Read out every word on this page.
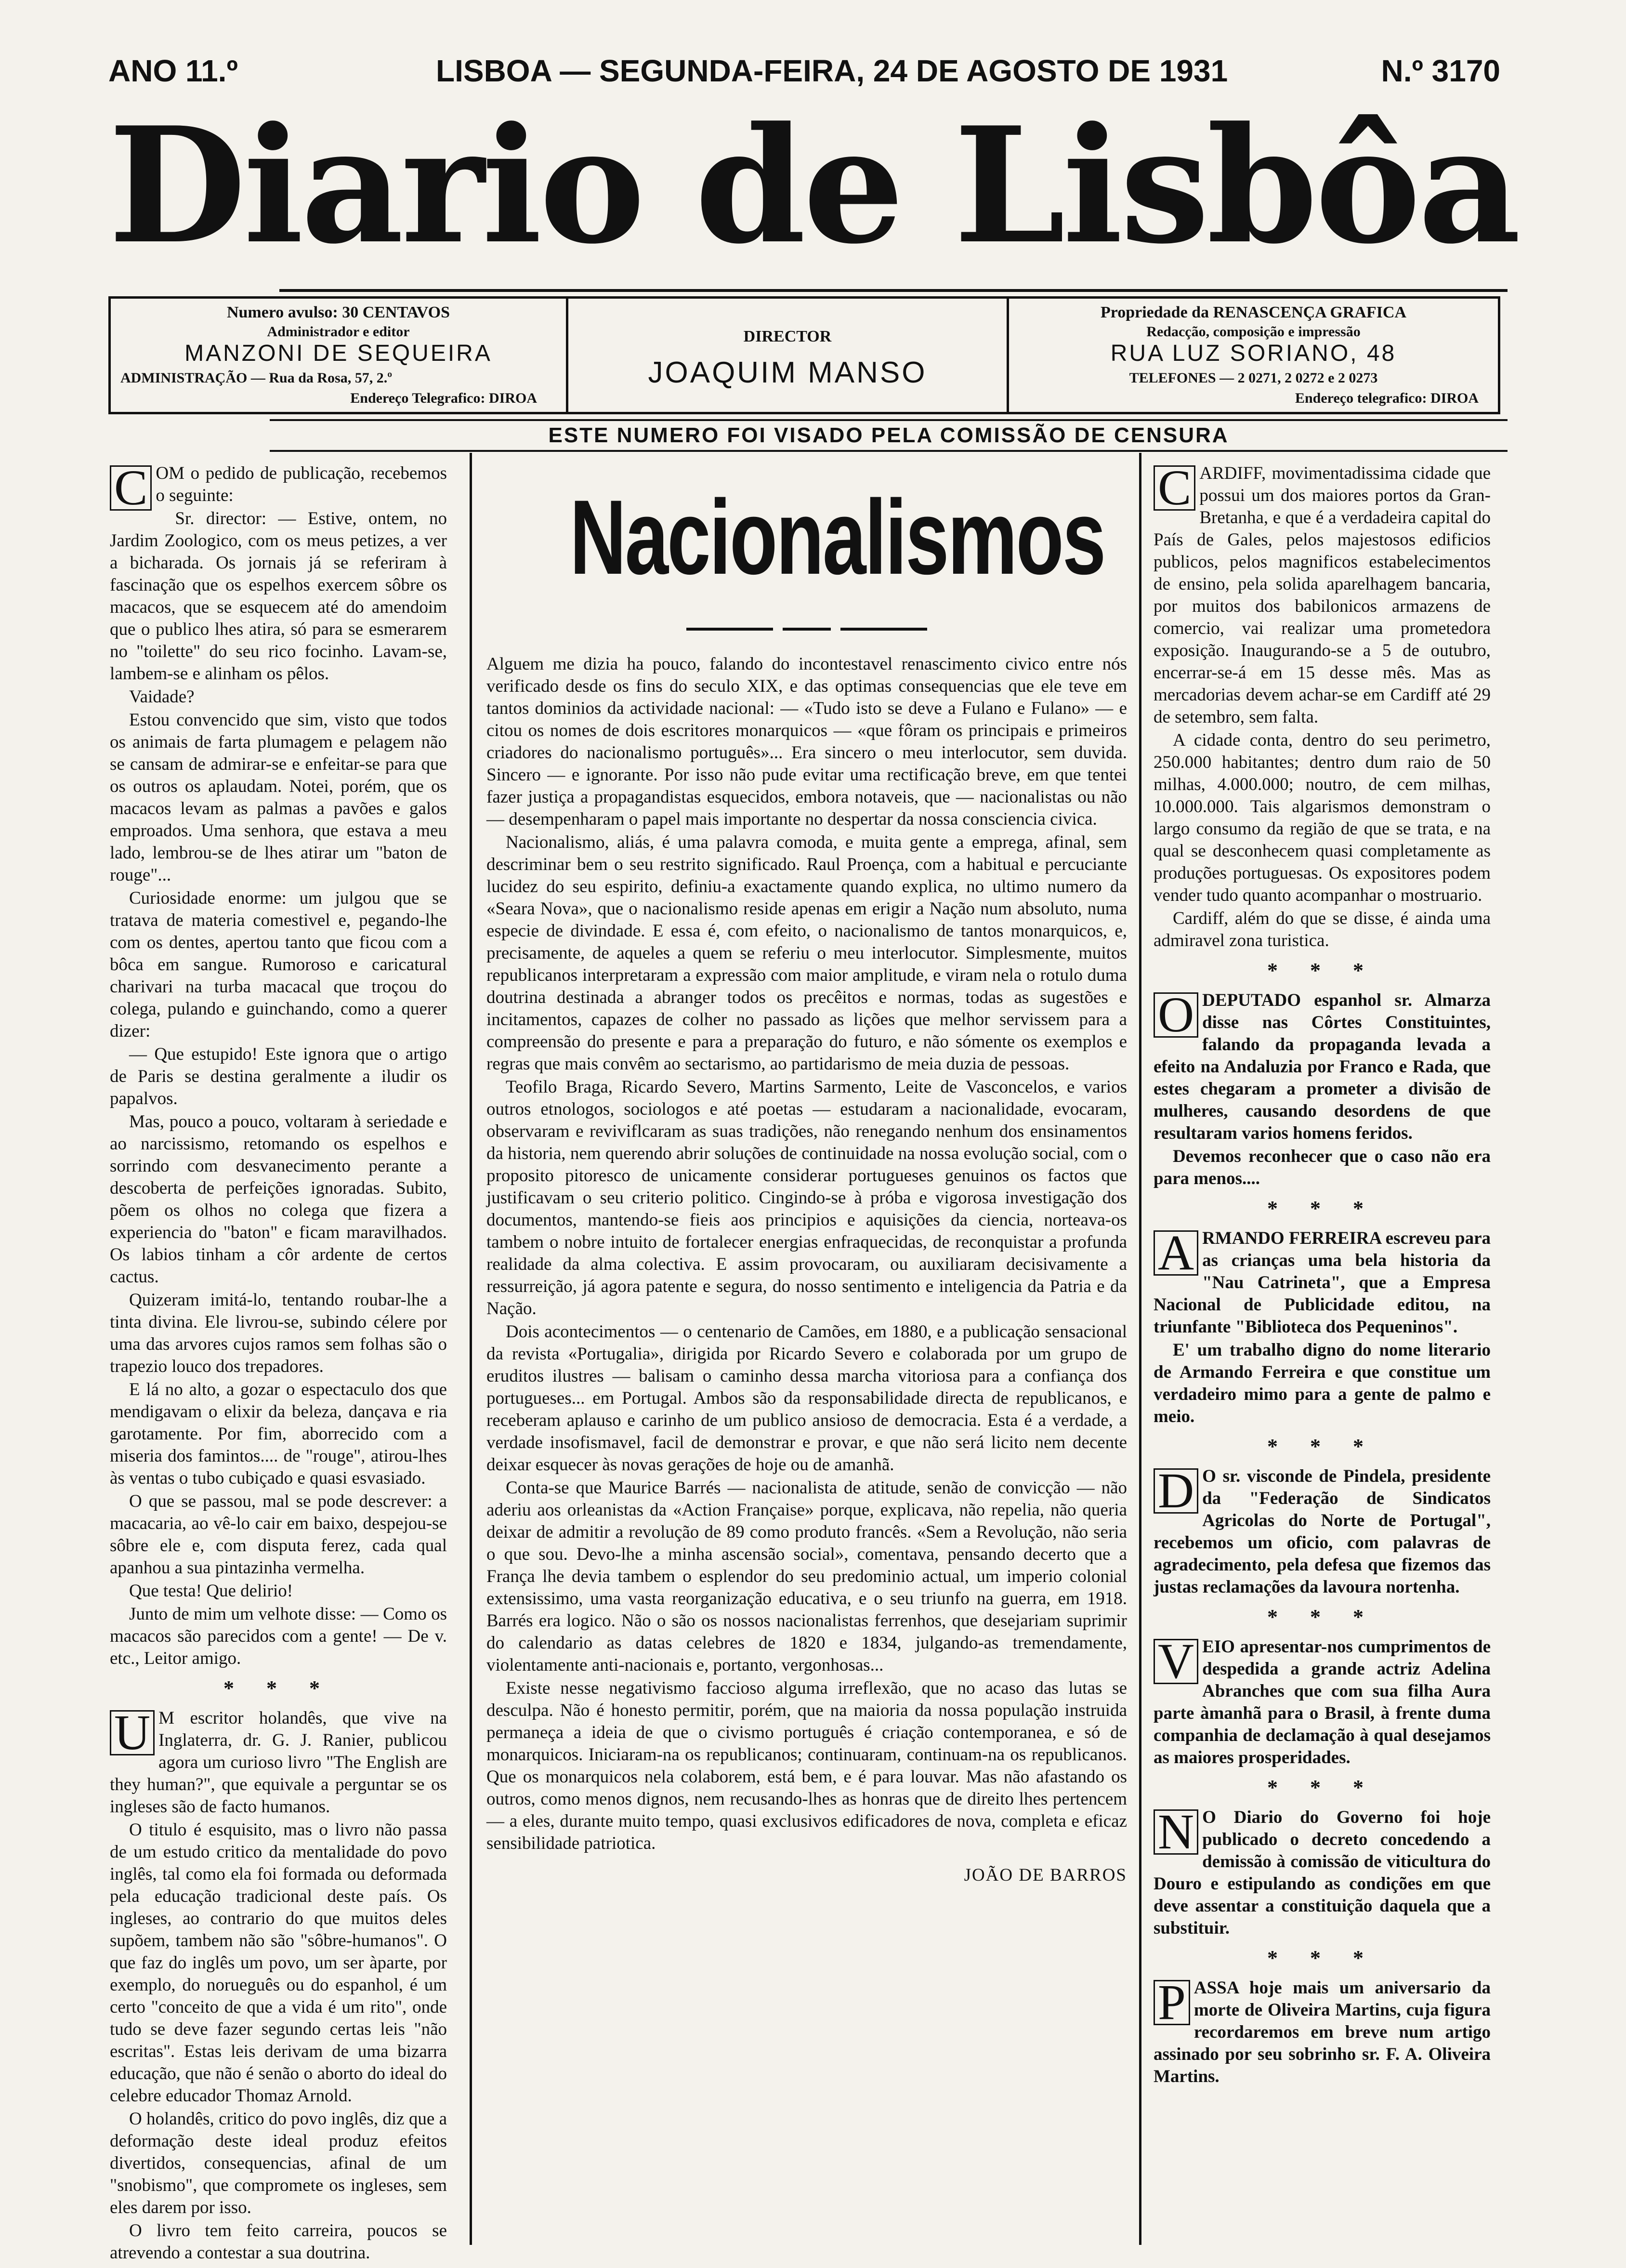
ANO 11.º	LISBOA — SEGUNDA-FEIRA, 24 DE AGOSTO DE 1931	N.º 3170
Diario de Lisbôa
Numero avulso: 30 CENTAVOS
Administrador e editor
MANZONI DE SEQUEIRA
ADMINISTRAÇÃO — Rua da Rosa, 57, 2.º
Endereço Telegrafico: DIROA
DIRECTOR
JOAQUIM MANSO
Propriedade da RENASCENÇA GRAFICA
Redacção, composição e impressão
RUA LUZ SORIANO, 48
TELEFONES — 2 0271, 2 0272 e 2 0273
Endereço telegrafico: DIROA
ESTE NUMERO FOI VISADO PELA COMISSÃO DE CENSURA
C OM o pedido de publicação, recebemos o seguinte:

Sr. director: — Estive, ontem, no Jardim Zoologico, com os meus petizes, a ver a bicharada. Os jornais já se referiram à fascinação que os espelhos exercem sôbre os macacos, que se esquecem até do amendoim que o publico lhes atira, só para se esmerarem no "toilette" do seu rico focinho. Lavam-se, lambem-se e alinham os pêlos.

Vaidade?

Estou convencido que sim, visto que todos os animais de farta plumagem e pelagem não se cansam de admirar-se e enfeitar-se para que os outros os aplaudam. Notei, porém, que os macacos levam as palmas a pavões e galos emproados. Uma senhora, que estava a meu lado, lembrou-se de lhes atirar um "baton de rouge"...

Curiosidade enorme: um julgou que se tratava de materia comestivel e, pegando-lhe com os dentes, apertou tanto que ficou com a bôca em sangue. Rumoroso e caricatural charivari na turba macacal que troçou do colega, pulando e guinchando, como a querer dizer:

— Que estupido! Este ignora que o artigo de Paris se destina geralmente a iludir os papalvos.

Mas, pouco a pouco, voltaram à seriedade e ao narcissismo, retomando os espelhos e sorrindo com desvanecimento perante a descoberta de perfeições ignoradas. Subito, põem os olhos no colega que fizera a experiencia do "baton" e ficam maravilhados. Os labios tinham a côr ardente de certos cactus.

Quizeram imitá-lo, tentando roubar-lhe a tinta divina. Ele livrou-se, subindo célere por uma das arvores cujos ramos sem folhas são o trapezio louco dos trepadores.

E lá no alto, a gozar o espectaculo dos que mendigavam o elixir da beleza, dançava e ria garotamente. Por fim, aborrecido com a miseria dos famintos.... de "rouge", atirou-lhes às ventas o tubo cubiçado e quasi esvasiado.

O que se passou, mal se pode descrever: a macacaria, ao vê-lo cair em baixo, despejou-se sôbre ele e, com disputa ferez, cada qual apanhou a sua pintazinha vermelha.

Que testa! Que delirio!

Junto de mim um velhote disse: — Como os macacos são parecidos com a gente! — De v. etc., Leitor amigo.

* * *
U M escritor holandês, que vive na Inglaterra, dr. G. J. Ranier, publicou agora um curioso livro "The English are they human?", que equivale a perguntar se os ingleses são de facto humanos.

O titulo é esquisito, mas o livro não passa de um estudo critico da mentalidade do povo inglês, tal como ela foi formada ou deformada pela educação tradicional deste país. Os ingleses, ao contrario do que muitos deles supõem, tambem não são "sôbre-humanos". O que faz do inglês um povo, um ser àparte, por exemplo, do norueguês ou do espanhol, é um certo "conceito de que a vida é um rito", onde tudo se deve fazer segundo certas leis "não escritas". Estas leis derivam de uma bizarra educação, que não é senão o aborto do ideal do celebre educador Thomaz Arnold.

O holandês, critico do povo inglês, diz que a deformação deste ideal produz efeitos divertidos, consequencias, afinal de um "snobismo", que compromete os ingleses, sem eles darem por isso.

O livro tem feito carreira, poucos se atrevendo a contestar a sua doutrina.

Nacionalismos

Alguem me dizia ha pouco, falando do incontestavel renascimento civico entre nós verificado desde os fins do seculo XIX, e das optimas consequencias que ele teve em tantos dominios da actividade nacional: — «Tudo isto se deve a Fulano e Fulano» — e citou os nomes de dois escritores monarquicos — «que fôram os principais e primeiros criadores do nacionalismo português»... Era sincero o meu interlocutor, sem duvida. Sincero — e ignorante. Por isso não pude evitar uma rectificação breve, em que tentei fazer justiça a propagandistas esquecidos, embora notaveis, que — nacionalistas ou não — desempenharam o papel mais importante no despertar da nossa consciencia civica.

Nacionalismo, aliás, é uma palavra comoda, e muita gente a emprega, afinal, sem descriminar bem o seu restrito significado. Raul Proença, com a habitual e percuciante lucidez do seu espirito, definiu-a exactamente quando explica, no ultimo numero da «Seara Nova», que o nacionalismo reside apenas em erigir a Nação num absoluto, numa especie de divindade. E essa é, com efeito, o nacionalismo de tantos monarquicos, e, precisamente, de aqueles a quem se referiu o meu interlocutor. Simplesmente, muitos republicanos interpretaram a expressão com maior amplitude, e viram nela o rotulo duma doutrina destinada a abranger todos os precêitos e normas, todas as sugestões e incitamentos, capazes de colher no passado as lições que melhor servissem para a compreensão do presente e para a preparação do futuro, e não sómente os exemplos e regras que mais convêm ao sectarismo, ao partidarismo de meia duzia de pessoas.

Teofilo Braga, Ricardo Severo, Martins Sarmento, Leite de Vasconcelos, e varios outros etnologos, sociologos e até poetas — estudaram a nacionalidade, evocaram, observaram e reviviflcaram as suas tradições, não renegando nenhum dos ensinamentos da historia, nem querendo abrir soluções de continuidade na nossa evolução social, com o proposito pitoresco de unicamente considerar portugueses genuinos os factos que justificavam o seu criterio politico. Cingindo-se à próba e vigorosa investigação dos documentos, mantendo-se fieis aos principios e aquisições da ciencia, norteava-os tambem o nobre intuito de fortalecer energias enfraquecidas, de reconquistar a profunda realidade da alma colectiva. E assim provocaram, ou auxiliaram decisivamente a ressurreição, já agora patente e segura, do nosso sentimento e inteligencia da Patria e da Nação.

Dois acontecimentos — o centenario de Camões, em 1880, e a publicação sensacional da revista «Portugalia», dirigida por Ricardo Severo e colaborada por um grupo de eruditos ilustres — balisam o caminho dessa marcha vitoriosa para a confiança dos portugueses... em Portugal. Ambos são da responsabilidade directa de republicanos, e receberam aplauso e carinho de um publico ansioso de democracia. Esta é a verdade, a verdade insofismavel, facil de demonstrar e provar, e que não será licito nem decente deixar esquecer às novas gerações de hoje ou de amanhã.

Conta-se que Maurice Barrés — nacionalista de atitude, senão de convicção — não aderiu aos orleanistas da «Action Française» porque, explicava, não repelia, não queria deixar de admitir a revolução de 89 como produto francês. «Sem a Revolução, não seria o que sou. Devo-lhe a minha ascensão social», comentava, pensando decerto que a França lhe devia tambem o esplendor do seu predominio actual, um imperio colonial extensissimo, uma vasta reorganização educativa, e o seu triunfo na guerra, em 1918. Barrés era logico. Não o são os nossos nacionalistas ferrenhos, que desejariam suprimir do calendario as datas celebres de 1820 e 1834, julgando-as tremendamente, violentamente anti-nacionais e, portanto, vergonhosas...

Existe nesse negativismo faccioso alguma irreflexão, que no acaso das lutas se desculpa. Não é honesto permitir, porém, que na maioria da nossa população instruida permaneça a ideia de que o civismo português é criação contemporanea, e só de monarquicos. Iniciaram-na os republicanos; continuaram, continuam-na os republicanos. Que os monarquicos nela colaborem, está bem, e é para louvar. Mas não afastando os outros, como menos dignos, nem recusando-lhes as honras que de direito lhes pertencem — a eles, durante muito tempo, quasi exclusivos edificadores de nova, completa e eficaz sensibilidade patriotica.

JOÃO DE BARROS
C ARDIFF, movimentadissima cidade que possui um dos maiores portos da Gran-Bretanha, e que é a verdadeira capital do País de Gales, pelos majestosos edificios publicos, pelos magnificos estabelecimentos de ensino, pela solida aparelhagem bancaria, por muitos dos babilonicos armazens de comercio, vai realizar uma prometedora exposição. Inaugurando-se a 5 de outubro, encerrar-se-á em 15 desse mês. Mas as mercadorias devem achar-se em Cardiff até 29 de setembro, sem falta.

A cidade conta, dentro do seu perimetro, 250.000 habitantes; dentro dum raio de 50 milhas, 4.000.000; noutro, de cem milhas, 10.000.000. Tais algarismos demonstram o largo consumo da região de que se trata, e na qual se desconhecem quasi completamente as produções portuguesas. Os expositores podem vender tudo quanto acompanhar o mostruario.

Cardiff, além do que se disse, é ainda uma admiravel zona turistica.

* * *
O DEPUTADO espanhol sr. Almarza disse nas Côrtes Constituintes, falando da propaganda levada a efeito na Andaluzia por Franco e Rada, que estes chegaram a prometer a divisão de mulheres, causando desordens de que resultaram varios homens feridos.

Devemos reconhecer que o caso não era para menos....

* * *
A RMANDO FERREIRA escreveu para as crianças uma bela historia da "Nau Catrineta", que a Empresa Nacional de Publicidade editou, na triunfante "Biblioteca dos Pequeninos".

E' um trabalho digno do nome literario de Armando Ferreira e que constitue um verdadeiro mimo para a gente de palmo e meio.

* * *
D O sr. visconde de Pindela, presidente da "Federação de Sindicatos Agricolas do Norte de Portugal", recebemos um oficio, com palavras de agradecimento, pela defesa que fizemos das justas reclamações da lavoura nortenha.

* * *
V EIO apresentar-nos cumprimentos de despedida a grande actriz Adelina Abranches que com sua filha Aura parte àmanhã para o Brasil, à frente duma companhia de declamação à qual desejamos as maiores prosperidades.

* * *
N O Diario do Governo foi hoje publicado o decreto concedendo a demissão à comissão de viticultura do Douro e estipulando as condições em que deve assentar a constituição daquela que a substituir.

* * *
P ASSA hoje mais um aniversario da morte de Oliveira Martins, cuja figura recordaremos em breve num artigo assinado por seu sobrinho sr. F. A. Oliveira Martins.
